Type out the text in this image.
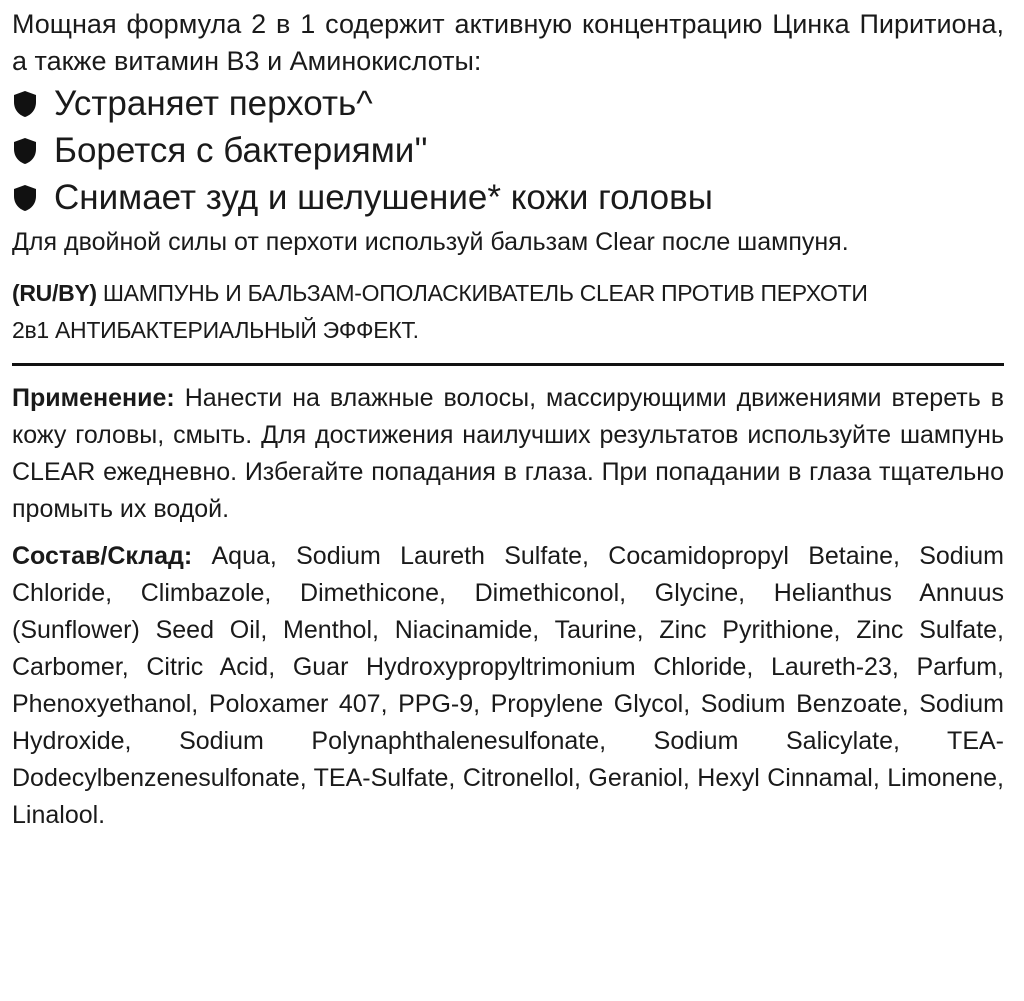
Мощная формула 2 в 1 содержит активную концентрацию Цинка Пиритиона, а также витамин В3 и Аминокислоты:

Устраняет перхоть^
Борется с бактериями''
Снимает зуд и шелушение* кожи головы

Для двойной силы от перхоти используй бальзам Clear после шампуня.

(RU/BY) ШАМПУНЬ И БАЛЬЗАМ-ОПОЛАСКИВАТЕЛЬ CLEAR ПРОТИВ ПЕРХОТИ
2в1 АНТИБАКТЕРИАЛЬНЫЙ ЭФФЕКТ.

Применение: Нанести на влажные волосы, массирующими движениями втереть в кожу головы, смыть. Для достижения наилучших результатов используйте шампунь CLEAR ежедневно. Избегайте попадания в глаза. При попадании в глаза тщательно промыть их водой.

Состав/Склад: Aqua, Sodium Laureth Sulfate, Cocamidopropyl Betaine, Sodium Chloride, Climbazole, Dimethicone, Dimethiconol, Glycine, Helianthus Annuus (Sunflower) Seed Oil, Menthol, Niacinamide, Taurine, Zinc Pyrithione, Zinc Sulfate, Carbomer, Citric Acid, Guar Hydroxypropyltrimonium Chloride, Laureth-23, Parfum, Phenoxyethanol, Poloxamer 407, PPG-9, Propylene Glycol, Sodium Benzoate, Sodium Hydroxide, Sodium Polynaphthalenesulfonate, Sodium Salicylate, TEA-Dodecylbenzenesulfonate, TEA-Sulfate, Citronellol, Geraniol, Hexyl Cinnamal, Limonene, Linalool.
